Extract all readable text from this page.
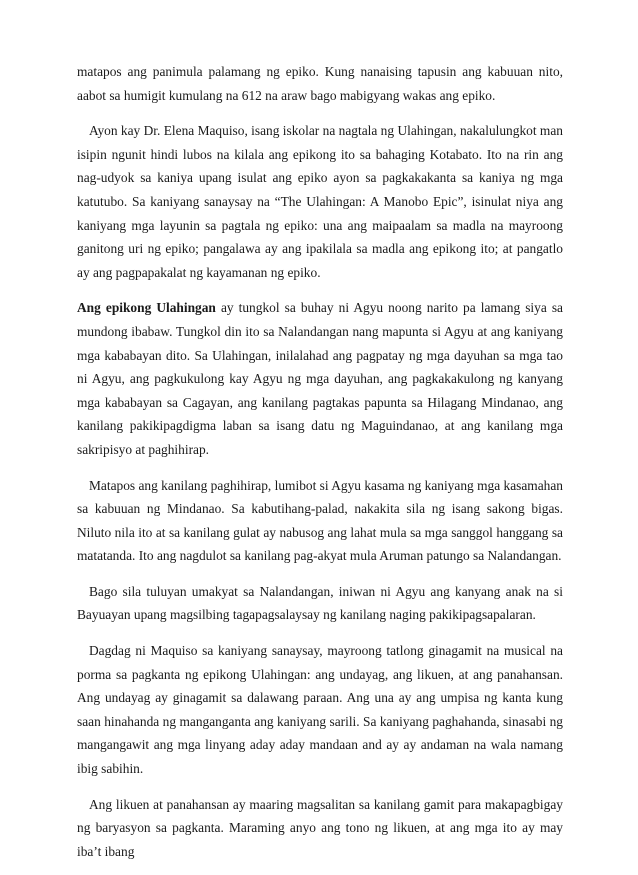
matapos ang panimula palamang ng epiko. Kung nanaising tapusin ang kabuuan nito, aabot sa humigit kumulang na 612 na araw bago mabigyang wakas ang epiko.

Ayon kay Dr. Elena Maquiso, isang iskolar na nagtala ng Ulahingan, nakalulungkot man isipin ngunit hindi lubos na kilala ang epikong ito sa bahaging Kotabato. Ito na rin ang nag-udyok sa kaniya upang isulat ang epiko ayon sa pagkakakanta sa kaniya ng mga katutubo. Sa kaniyang sanaysay na “The Ulahingan: A Manobo Epic”, isinulat niya ang kaniyang mga layunin sa pagtala ng epiko: una ang maipaalam sa madla na mayroong ganitong uri ng epiko; pangalawa ay ang ipakilala sa madla ang epikong ito; at pangatlo ay ang pagpapakalat ng kayamanan ng epiko.

Ang epikong Ulahingan ay tungkol sa buhay ni Agyu noong narito pa lamang siya sa mundong ibabaw. Tungkol din ito sa Nalandangan nang mapunta si Agyu at ang kaniyang mga kababayan dito. Sa Ulahingan, inilalahad ang pagpatay ng mga dayuhan sa mga tao ni Agyu, ang pagkukulong kay Agyu ng mga dayuhan, ang pagkakakulong ng kanyang mga kababayan sa Cagayan, ang kanilang pagtakas papunta sa Hilagang Mindanao, ang kanilang pakikipagdigma laban sa isang datu ng Maguindanao, at ang kanilang mga sakripisyo at paghihirap.

Matapos ang kanilang paghihirap, lumibot si Agyu kasama ng kaniyang mga kasamahan sa kabuuan ng Mindanao. Sa kabutihang-palad, nakakita sila ng isang sakong bigas. Niluto nila ito at sa kanilang gulat ay nabusog ang lahat mula sa mga sanggol hanggang sa matatanda. Ito ang nagdulot sa kanilang pag-akyat mula Aruman patungo sa Nalandangan.

Bago sila tuluyan umakyat sa Nalandangan, iniwan ni Agyu ang kanyang anak na si Bayuayan upang magsilbing tagapagsalaysay ng kanilang naging pakikipagsapalaran.

Dagdag ni Maquiso sa kaniyang sanaysay, mayroong tatlong ginagamit na musical na porma sa pagkanta ng epikong Ulahingan: ang undayag, ang likuen, at ang panahansan. Ang undayag ay ginagamit sa dalawang paraan. Ang una ay ang umpisa ng kanta kung saan hinahanda ng manganganta ang kaniyang sarili. Sa kaniyang paghahanda, sinasabi ng mangangawit ang mga linyang aday aday mandaan and ay ay andaman na wala namang ibig sabihin.

Ang likuen at panahansan ay maaring magsalitan sa kanilang gamit para makapagbigay ng baryasyon sa pagkanta. Maraming anyo ang tono ng likuen, at ang mga ito ay may iba’t ibang
